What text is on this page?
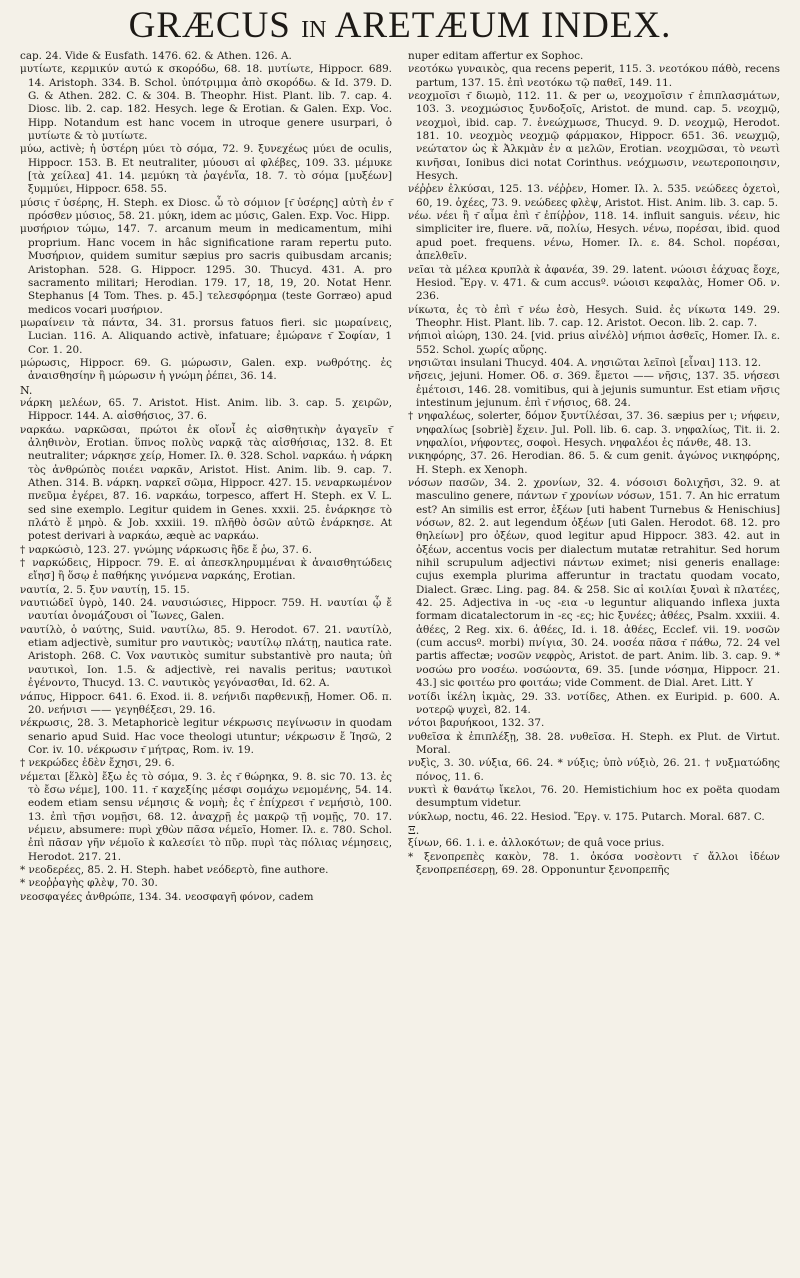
GRÆCUS IN ARETÆUM INDEX.

cap. 24. Vide & Eusfath. 1476. 62. & Athen. 126. A.

μυτίωτε, κερμικύν αυτώ κ σκορόδω, 68. 18. μυτίωτε, Hippocr. 689. 14. Aristoph. 334. B. Schol. ὑπότριμμα ἀπὸ σκορόδω. & Id. 379. D. G. & Athen. 282. C. & 304. B. Theophr. Hist. Plant. lib. 7. cap. 4. Diosc. lib. 2. cap. 182. Hesych. lege & Erotian. & Galen. Exp. Voc. Hipp. Notandum est hanc vocem in utroque genere usurpari, ὁ μυτίωτε & τὸ μυτίωτε.

μύω, activè; ἡ ὑστέρη μύει τὸ σόμα, 72. 9. ξυνεχέως μύει de oculis, Hippocr. 153. B. Et neutraliter, μύουσι αἱ φλέβες, 109. 33. μέμυκε [τὰ χείλεα] 41. 14. μεμύκη τὰ ῥαγένἴα, 18. 7. τὸ σόμα [μυξέων] ξυμμύει, Hippocr. 658. 55.

μύσις τ͂ ὑσέρης, H. Steph. ex Diosc. ὦ τὸ σόμιον [τ͂ ὑσέρης] αὐτὴ ἐν τ͂ πρόσθεν μύσιος, 58. 21. μύκη, idem ac μύσις, Galen. Exp. Voc. Hipp.

μυσήριον τώμω, 147. 7. arcanum meum in medicamentum, mihi proprium. Hanc vocem in hâc significatione raram repertu puto. Μυσήριον, quidem sumitur sæpius pro sacris quibusdam arcanis; Aristophan. 528. G. Hippocr. 1295. 30. Thucyd. 431. A. pro sacramento militari; Herodian. 179. 17, 18, 19, 20. Notat Henr. Stephanus [4 Tom. Thes. p. 45.] τελεσφόρημα (teste Gorræo) apud medicos vocari μυσήριον.

μωραίνειν τὰ πάντα, 34. 31. prorsus fatuos fieri. sic μωραίνεις, Lucian. 116. A. Aliquando activè, infatuare; ἐμώρανε τ͂ Σοφίαν, 1 Cor. 1. 20.

μώρωσις, Hippocr. 69. G. μώρωσιν, Galen. exp. νωθρότης. ἐς ἀναισθησίην ἢ μώρωσιν ἡ γνώμη ῥέπει, 36. 14.

N.

νάρκη μελέων, 65. 7. Aristot. Hist. Anim. lib. 3. cap. 5. χειρῶν, Hippocr. 144. A. αἰσθήσιος, 37. 6.

ναρκάω. ναρκῶσαι, πρώτοι ἐκ οἴονἶ ἐς αἰσθητικὴν ἀγαγεῖν τ͂ ἀληθινὸν, Erotian. ὕπνος πολὺς ναρκᾷ τὰς αἰσθήσιας, 132. 8. Et neutraliter; νάρκησε χείρ, Homer. Ιλ. θ. 328. Schol. ναρκάω. ἡ νάρκη τὸς ἀνθρώπὸς ποιέει ναρκᾶν, Aristot. Hist. Anim. lib. 9. cap. 7. Athen. 314. B. νάρκη. ναρκεῖ σῶμα, Hippocr. 427. 15. νεναρκωμένον πνεῦμα ἐγέρει, 87. 16. ναρκάω, torpesco, affert H. Steph. ex V. L. sed sine exemplo. Legitur quidem in Genes. xxxii. 25. ἐνάρκησε τὸ πλάτὸ ἔ μηρὸ. & Job. xxxiii. 19. πλῆθὸ ὀσῶν αὐτῶ ἐνάρκησε. At potest derivari à ναρκάω, æquè ac ναρκάω.

† ναρκώσιὸ, 123. 27. γνώμης νάρκωσις ἢδε ἔ ῥω, 37. 6.

† ναρκώδεις, Hippocr. 79. E. αἱ ἀπεσκληρυμμέναι κ̀ ἀναισθητώδεις εἴησ] ἢ ὅσῳ ἐ παθήκης γινόμενα ναρκάης, Erotian.

ναυτία, 2. 5. ξυν ναυτίῃ, 15. 15.

ναυτιώδεῖ ὑγρὸ, 140. 24. ναυσιώσιες, Hippocr. 759. H. ναυτίαι ᾧ ἔ ναυτίαι ὀνομάζουσι οἱ Ἴωνες, Galen.

ναυτίλὸ, ὁ ναύτης, Suid. ναυτίλω, 85. 9. Herodot. 67. 21. ναυτίλὸ, etiam adjectivè, sumitur pro ναυτικὸς; ναυτίλῳ πλάτῃ, nautica rate. Aristoph. 268. C. Vox ναυτικὸς sumitur substantivè pro nauta; ὑπ̀ ναυτικοὶ, Ion. 1.5. & adjectivè, rei navalis peritus; ναυτικοὶ ἐγένοντο, Thucyd. 13. C. ναυτικὸς γεγόνασθαι, Id. 62. A.

νάπυς, Hippocr. 641. 6. Exod. ii. 8. νεήνιδι παρθενικῇ, Homer. Οδ. π. 20. νεήνισι —— γεγηθέξεσι, 29. 16.

νέκρωσις, 28. 3. Metaphoricè legitur νέκρωσις πεγίνωσιν in quodam senario apud Suid. Hac voce theologi utuntur; νέκρωσιν ἔ Ἰησῶ, 2 Cor. iv. 10. νέκρωσιν τ͂ μήτρας, Rom. iv. 19.

† νεκρώδες ἐδὲν ἔχησι, 29. 6.

νέμεται [ἕλκὸ] ἔξω ἐς τὸ σόμα, 9. 3. ἐς τ͂ θώρηκα, 9. 8. sic 70. 13. ἐς τὸ ἔσω νέμε], 100. 11. τ͂ καχεξίης μέσφι σομάχω νεμομένης, 54. 14. eodem etiam sensu νέμησις & νομὴ; ἐς τ͂ ἐπίχρεσι τ͂ νεμήσιὸ, 100. 13. ἐπὶ τῇσι νομῇσι, 68. 12. ἀναχρῇ ἐς μακρῷ τῇ νομῇς, 70. 17. νέμειν, absumere: πυρὶ χθὼν πᾶσα νέμεῖο, Homer. Ιλ. ε. 780. Schol. ἐπὶ πᾶσαν γῆν νέμοῖο κ̀ καλεσίει τὸ πῦρ. πυρὶ τὰς πόλιας νέμησεις, Herodot. 217. 21.

* νεοδερέες, 85. 2. H. Steph. habet νεόδερτὸ, fine authore.

* νεοῤῥαγὴς φλὲψ, 70. 30.

νεοσφαγέες ἀνθρώπε, 134. 34. νεοσφαγῆ φόνον, cadem

nuper editam affertur ex Sophoc.

νεοτόκω γυναικὸς, qua recens peperit, 115. 3. νεοτόκου πάθὸ, recens partum, 137. 15. ἐπὶ νεοτόκω τῷ παθεῖ, 149. 11.

νεοχμοῖσι τ͂ διωμὸ, 112. 11. & per ω, νεοχμοῖσιν τ͂ ἐπιπλασμάτων, 103. 3. νεοχμώσιος ξυνδοξοῖς, Aristot. de mund. cap. 5. νεοχμῷ, νεοχμοὶ, ibid. cap. 7. ἐνεώχμωσε, Thucyd. 9. D. νεοχμῷ, Herodot. 181. 10. νεοχμὸς νεοχμῷ φάρμακον, Hippocr. 651. 36. νεωχμῷ, νεώτατον ὡς κ̀ Ἀλκμὰν ἐν α μελῶν, Erotian. νεοχμῶσαι, τὸ νεωτὶ κινῆσαι, Ionibus dici notat Corinthus. νεόχμωσιν, νεωτεροποιησιν, Hesych.

νέῤῥεν ἐλκύσαι, 125. 13. νέῤῥεν, Homer. Ιλ. λ. 535. νεώδεες ὀχετοὶ, 60, 19. ὀχέες, 73. 9. νεώδεες φλὲψ, Aristot. Hist. Anim. lib. 3. cap. 5.

νέω. νέει ἢ τ͂ αἷμα ἐπὶ τ͂ ἐπίῤῥον, 118. 14. influit sanguis. νέειν, hic simpliciter ire, fluere. νᾶ, πολίω, Hesych. νένω, πορέσαι, ibid. quod apud poet. frequens. νένω, Homer. Ιλ. ε. 84. Schol. πορέσαι, ἀπελθεῖν.

νεῖαι τὰ μέλεα κρυπλὰ κ̀ ἀφανέα, 39. 29. latent. νώοισι ἐάχυας ἔοχε, Hesiod. Ἔργ. v. 471. & cum accusº. νώοισι κεφαλὰς, Homer Οδ. ν. 236.

νίκωτα, ἐς τὸ ἐπὶ τ͂ νέω ἐσὸ, Hesych. Suid. ἐς νίκωτα 149. 29. Theophr. Hist. Plant. lib. 7. cap. 12. Aristot. Oecon. lib. 2. cap. 7.

νήπιοὶ αἰώρη, 130. 24. [vid. prius αἰνέλὸ] νήπιοι ἀσθεῖς, Homer. Ιλ. ε. 552. Schol. χωρίς αὔρης.

νησιῶται insulani Thucyd. 404. A. νησιῶται λεῖποὶ [εἶναι] 113. 12.

νῆσεις, jejuni. Homer. Οδ. σ. 369. ἔμετοι —— νῆσις, 137. 35. νήσεσι ἐμέτοισι, 146. 28. vomitibus, qui à jejunis sumuntur. Est etiam νῆσις intestinum jejunum. ἐπὶ τ͂ νήσιος, 68. 24.

† νηφαλέως, solerter, δόμον ξυντίλέσαι, 37. 36. sæpius per ι; νήφειν, νηφαλίως [sobriè] ἔχειν. Jul. Poll. lib. 6. cap. 3. νηφαλίως, Tit. ii. 2. νηφαλίοι, νήφοντες, σοφοὶ. Hesych. νηφαλέοι ἐς πάνθε, 48. 13.

νικηφόρης, 37. 26. Herodian. 86. 5. & cum genit. ἀγώνος νικηφόρης, H. Steph. ex Xenoph.

νόσων πασῶν, 34. 2. χρονίων, 32. 4. νόσοισι δολιχῆσι, 32. 9. at masculino genere, πάντων τ͂ χρονίων νόσων, 151. 7. An hic erratum est? An similis est error, ἐξέων [uti habent Turnebus & Henischius] νόσων, 82. 2. aut legendum ὀξέων [uti Galen. Herodot. 68. 12. pro θηλείων] pro ὀξέων, quod legitur apud Hippocr. 383. 42. aut in ὀξέων, accentus vocis per dialectum mutatæ retrahitur. Sed horum nihil scrupulum adjectivi πάντων eximet; nisi generis enallage: cujus exempla plurima afferuntur in tractatu quodam vocato, Dialect. Græc. Ling. pag. 84. & 258. Sic αἱ κοιλίαι ξυναὶ κ̀ πλατέες, 42. 25. Adjectiva in -υς -εια -υ leguntur aliquando inflexa juxta formam dicatalectorum in -ες -ες; hic ξυνέες; ἀθέες, Psalm. xxxiii. 4. ἀθέες, 2 Reg. xix. 6. ἀθέες, Id. i. 18. ἀθέες, Ecclef. vii. 19. νοσῶν (cum accusº. morbi) πνίγια, 30. 24. νοσέα πᾶσα τ͂ πάθω, 72. 24 vel partis affectæ; νοσῶν νεφρὸς, Aristot. de part. Anim. lib. 3. cap. 9. * νοσώω pro νοσέω. νοσώοντα, 69. 35. [unde νόσημα, Hippocr. 21. 43.] sic φοιτέω pro φοιτάω; vide Comment. de Dial. Aret. Litt. Υ

νοτίδι ἰκέλη ἰκμὰς, 29. 33. νοτίδες, Athen. ex Euripid. p. 600. A. νοτερῷ ψυχεὶ, 82. 14.

νότοι βαρυήκοοι, 132. 37.

νυθεῖσα κ̀ ἐπιπλέξῃ, 38. 28. νυθεῖσα. H. Steph. ex Plut. de Virtut. Moral.

νυξὶς, 3. 30. νύξια, 66. 24. * νύξις; ὑπὸ νύξιὸ, 26. 21. † νυξματώδης πόνος, 11. 6.

νυκτὶ κ̀ θανάτῳ ἴκελοι, 76. 20. Hemistichium hoc ex poëta quodam desumptum videtur.

νύκλωρ, noctu, 46. 22. Hesiod. Ἔργ. v. 175. Putarch. Moral. 687. C.

Ξ.

ξίνων, 66. 1. i. e. ἀλλοκότων; de quâ voce prius.

* ξενοπρεπὲς κακὸν, 78. 1. ὁκόσα νοσὲοντι τ͂ ἄλλοι ἰδέων ξενοπρεπέσερῃ, 69. 28. Opponuntur ξενοπρεπῆς
